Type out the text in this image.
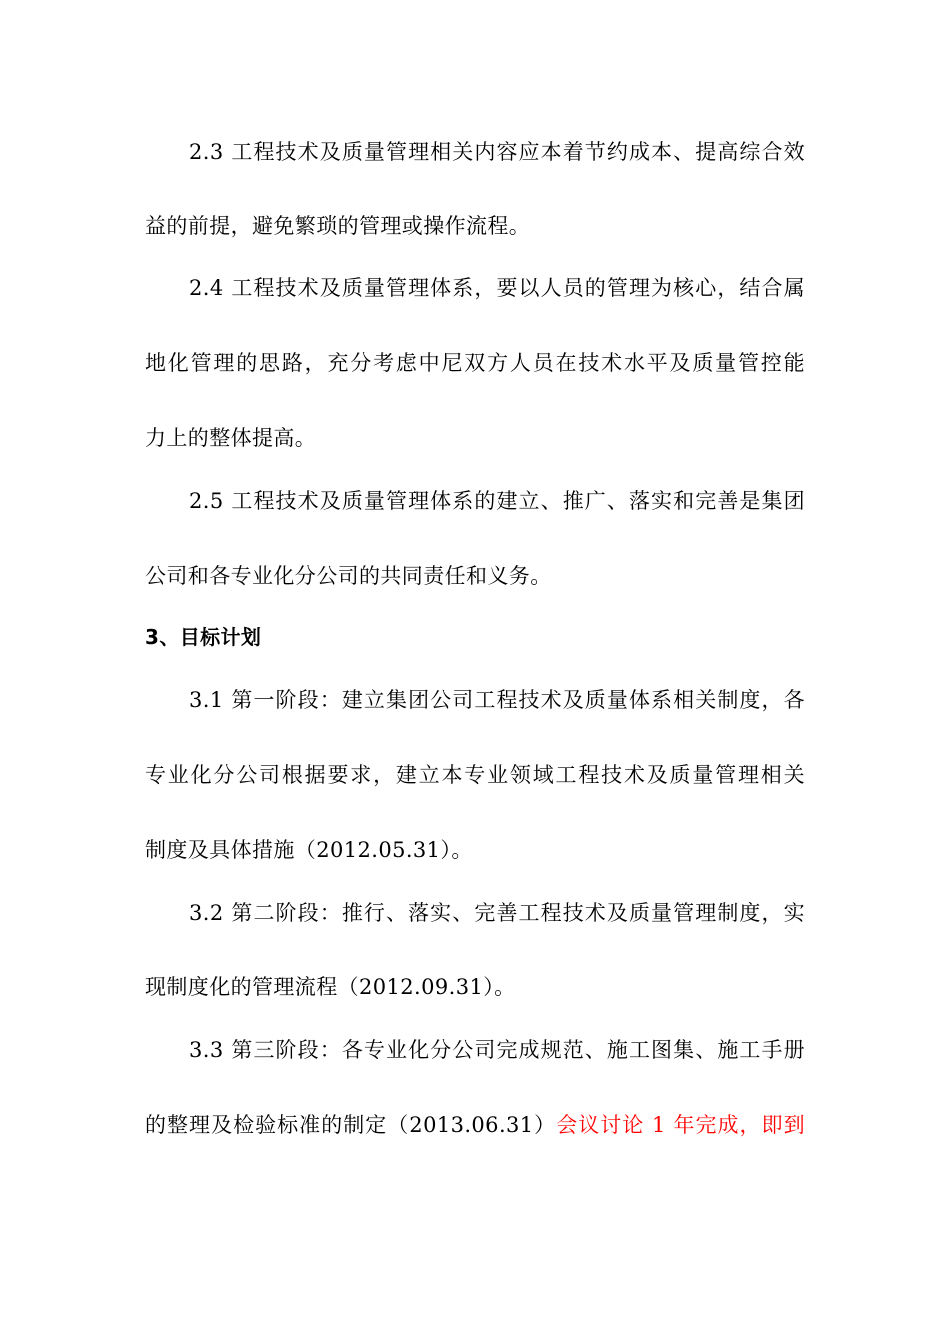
2.3 工程技术及质量管理相关内容应本着节约成本、提高综合效
益的前提，避免繁琐的管理或操作流程。
2.4 工程技术及质量管理体系，要以人员的管理为核心，结合属
地化管理的思路，充分考虑中尼双方人员在技术水平及质量管控能
力上的整体提高。
2.5 工程技术及质量管理体系的建立、推广、落实和完善是集团
公司和各专业化分公司的共同责任和义务。
3、目标计划
3.1 第一阶段：建立集团公司工程技术及质量体系相关制度，各
专业化分公司根据要求，建立本专业领域工程技术及质量管理相关
制度及具体措施（2012.05.31）。
3.2 第二阶段：推行、落实、完善工程技术及质量管理制度，实
现制度化的管理流程（2012.09.31）。
3.3 第三阶段：各专业化分公司完成规范、施工图集、施工手册
的整理及检验标准的制定（2013.06.31）会议讨论 1 年完成，即到
